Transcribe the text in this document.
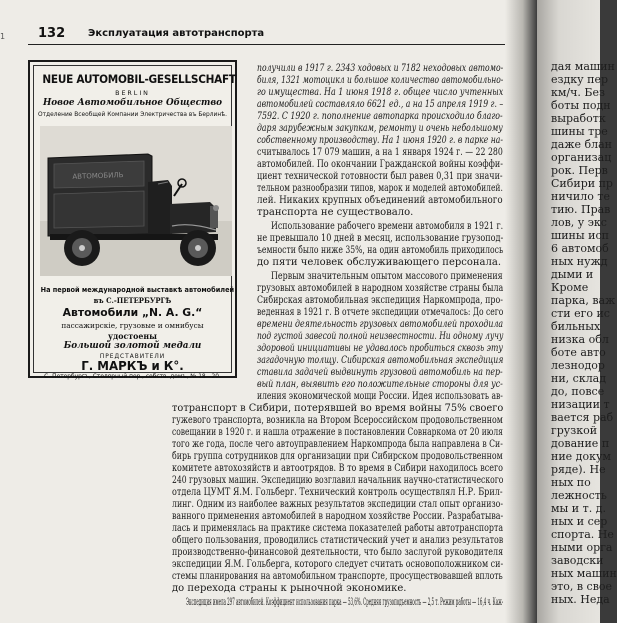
1	132 Эксплуатация автотранспорта
NEUE AUTOMOBIL-GESELLSCHAFT
BERLIN
Новое Автомобильное Общество
Отделение Всеобщей Компании Электричества въ Берлинѣ.
АВТОМОБИЛЬ
На первой международной выставкѣ автомобилей
въ С.-ПЕТЕРБУРГѢ
Автомобили „N. A. G.“
пассажирскіе, грузовые и омнибусы
удостоены
Большой золотой медали
ПРЕДСТАВИТЕЛИ
Г. МАРКЪ и К°.
С.-Петербургъ, Столярный пер., собств. домъ, № 18—20.
получили в 1917 г. 2343 ходовых и 7182 неходовых автомо-
биля, 1321 мотоцикл и большое количество автомобильно-
го имущества. На 1 июня 1918 г. общее число учтенных
автомобилей составляло 6621 ед., а на 15 апреля 1919 г. –
7592. С 1920 г. пополнение автопарка происходило благо-
даря зарубежным закупкам, ремонту и очень небольшому
собственному производству. На 1 июня 1920 г. в парке на-
считывалось 17 079 машин, а на 1 января 1924 г. — 22 280
автомобилей. По окончании Гражданской войны коэффи-
циент технической готовности был равен 0,31 при значи-
тельном разнообразии типов, марок и моделей автомобилей.
лей. Никаких крупных объединений автомобильного
транспорта не существовало.
Использование рабочего времени автомобиля в 1921 г.
не превышало 10 дней в месяц, использование грузопод-
ъемности было ниже 35%, на один автомобиль приходилось
до пяти человек обслуживающего персонала.
Первым значительным опытом массового применения
грузовых автомобилей в народном хозяйстве страны была
Сибирская автомобильная экспедиция Наркомпрода, про-
веденная в 1921 г. В отчете экспедиции отмечалось: До сего
времени деятельность грузовых автомобилей проходила
под густой завесой полной неизвестности. Ни одному лучу
здоровой инициативы не удавалось пробиться сквозь эту
загадочную толщу. Сибирская автомобильная экспедиция
ставила задачей выдвинуть грузовой автомобиль на пер-
вый план, выявить его положительные стороны для ус-
иления экономической мощи России. Идея использовать ав-
тотранспорт в Сибири, потерявшей во время войны 75% своего
гужевого транспорта, возникла на Втором Всероссийском продовольственном
совещании в 1920 г. и нашла отражение в постановлении Совнаркома от 20 июля
того же года, после чего автоуправлением Наркомпрода была направлена в Си-
бирь группа сотрудников для организации при Сибирском продовольственном
комитете автохозяйств и автоотрядов. В то время в Сибири находилось всего
240 грузовых машин. Экспедицию возглавил начальник научно-статистического
отдела ЦУМТ Я.М. Гольберг. Технический контроль осуществлял Н.Р. Брил-
линг. Одним из наиболее важных результатов экспедиции стал опыт организо-
ванного применения автомобилей в народном хозяйстве России. Разрабатыва-
лась и применялась на практике система показателей работы автотранспорта
общего пользования, проводились статистический учет и анализ результатов
производственно-финансовой деятельности, что было заслугой руководителя
экспедиции Я.М. Гольберга, которого следует считать основоположником си-
стемы планирования на автомобильном транспорте, просуществовавшей вплоть
до перехода страны к рыночной экономике.
Экспедиция имела 297 автомобилей. Коэффициент использования парка — 53,6%. Средняя грузоподъемность — 2,5 т. Режим работы — 16,4 ч. Каж-
дая машин
ездку пер
км/ч. Без
боты подн
выработк
шины тре
даже блан
организац
рок. Перв
Сибири пр
ничило те
тию. Прав
лов, у экс
шины исп
6 автомоб
ных нужд
дыми и
Кроме
парка, важ
сти его ис
бильных
низка обл
боте авто
лезнодор
ни, склад
до, повсе
низации т
вается раб
грузкой
дование п
ние докум
ряде). Не
ных по
лежность
мы и т. д.
ных и сер
спорта. Не
ными орга
заводски
ных машин
это, в свое
ных. Неда
